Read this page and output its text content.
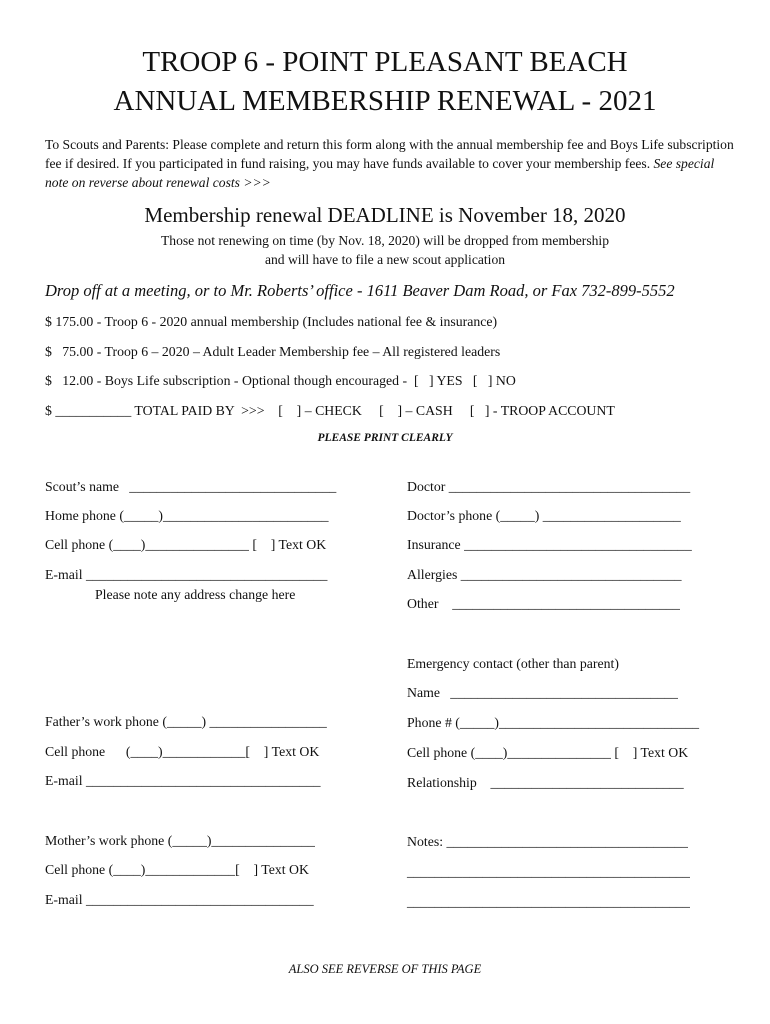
TROOP 6 - POINT PLEASANT BEACH
ANNUAL MEMBERSHIP RENEWAL - 2021
To Scouts and Parents: Please complete and return this form along with the annual membership fee and Boys Life subscription fee if desired. If you participated in fund raising, you may have funds available to cover your membership fees. See special note on reverse about renewal costs >>>
Membership renewal DEADLINE is November 18, 2020
Those not renewing on time (by Nov. 18, 2020) will be dropped from membership
and will have to file a new scout application
Drop off at a meeting, or to Mr. Roberts’ office - 1611 Beaver Dam Road, or Fax 732-899-5552
$ 175.00 - Troop 6 - 2020 annual membership (Includes national fee & insurance)
$   75.00 - Troop 6 – 2020 – Adult Leader Membership fee – All registered leaders
$   12.00 - Boys Life subscription - Optional though encouraged -  [   ] YES   [   ] NO
$ ___________ TOTAL PAID BY  >>>    [    ] – CHECK     [    ] – CASH     [   ] - TROOP ACCOUNT
PLEASE PRINT CLEARLY
Scout’s name   ______________________________
Home phone (_____)________________________
Cell phone (____)_______________ [    ] Text OK
E-mail ___________________________________
Please note any address change here
Doctor ___________________________________
Doctor’s phone (_____) ____________________
Insurance _________________________________
Allergies ________________________________
Other    _________________________________
Emergency contact (other than parent)
Name   _________________________________
Phone # (_____)_____________________________
Cell phone (____)_______________ [    ] Text OK
Relationship    ____________________________
Father’s work phone (_____) _________________
Cell phone      (____)____________[    ] Text OK
E-mail __________________________________
Mother’s work phone (_____)_______________
Cell phone (____)_____________[    ] Text OK
E-mail _________________________________
Notes: ___________________________________
_________________________________________
_________________________________________
ALSO SEE REVERSE OF THIS PAGE
